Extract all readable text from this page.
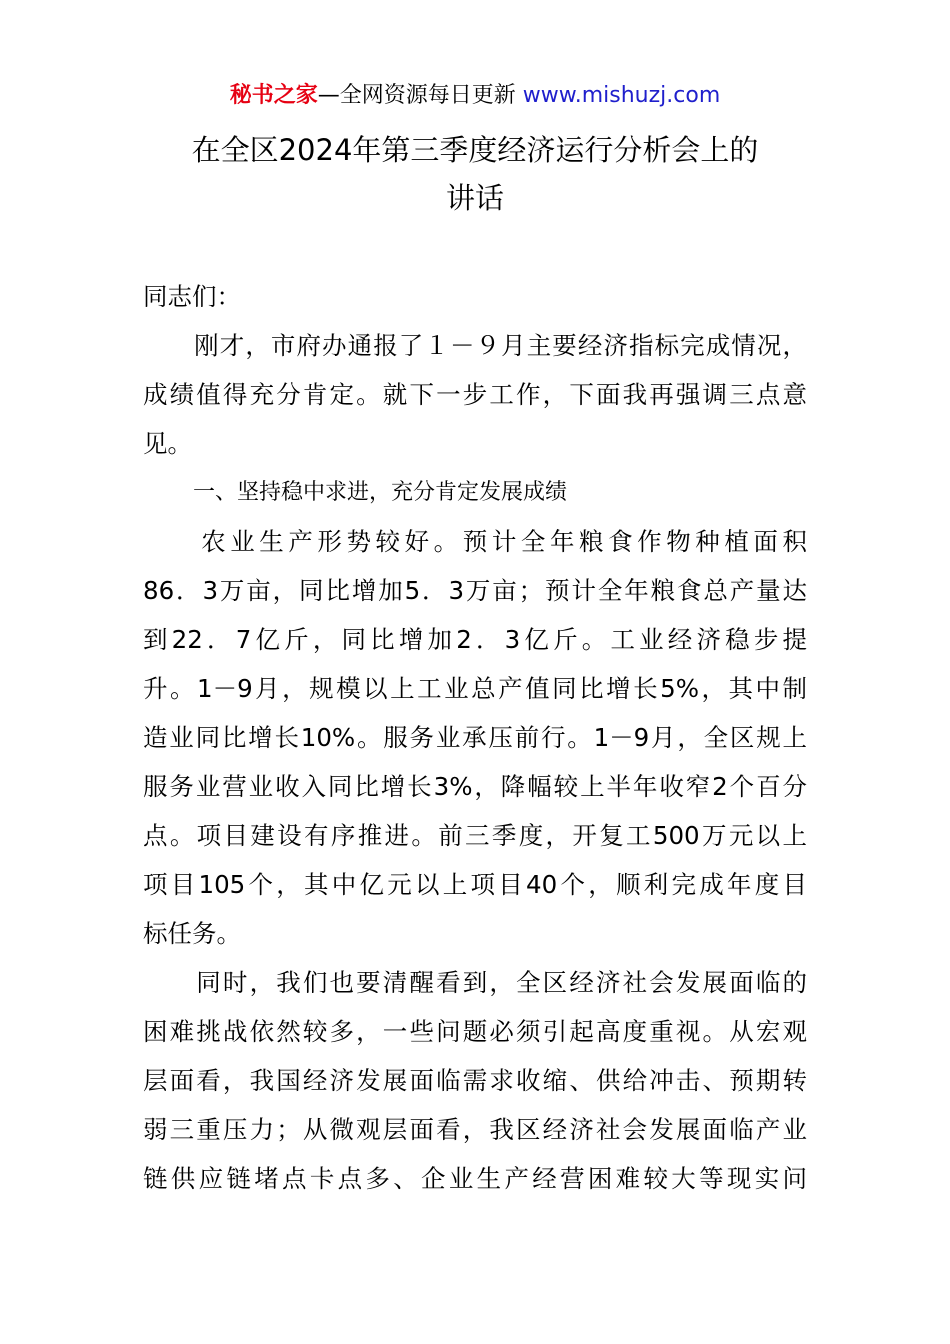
秘书之家—全网资源每日更新 www.mishuzj.com
在全区2024年第三季度经济运行分析会上的
讲话
同志们：
　　刚才，市府办通报了１－９月主要经济指标完成情况，
成绩值得充分肯定。就下一步工作，下面我再强调三点意
见。
一、坚持稳中求进，充分肯定发展成绩
　　农业生产形势较好。预计全年粮食作物种植面积
86．3万亩，同比增加5．3万亩；预计全年粮食总产量达
到22．7亿斤，同比增加2．3亿斤。工业经济稳步提
升。1－9月，规模以上工业总产值同比增长5%，其中制
造业同比增长10%。服务业承压前行。1－9月，全区规上
服务业营业收入同比增长3%，降幅较上半年收窄2个百分
点。项目建设有序推进。前三季度，开复工500万元以上
项目105个，其中亿元以上项目40个，顺利完成年度目
标任务。
　　同时，我们也要清醒看到，全区经济社会发展面临的
困难挑战依然较多，一些问题必须引起高度重视。从宏观
层面看，我国经济发展面临需求收缩、供给冲击、预期转
弱三重压力；从微观层面看，我区经济社会发展面临产业
链供应链堵点卡点多、企业生产经营困难较大等现实问
